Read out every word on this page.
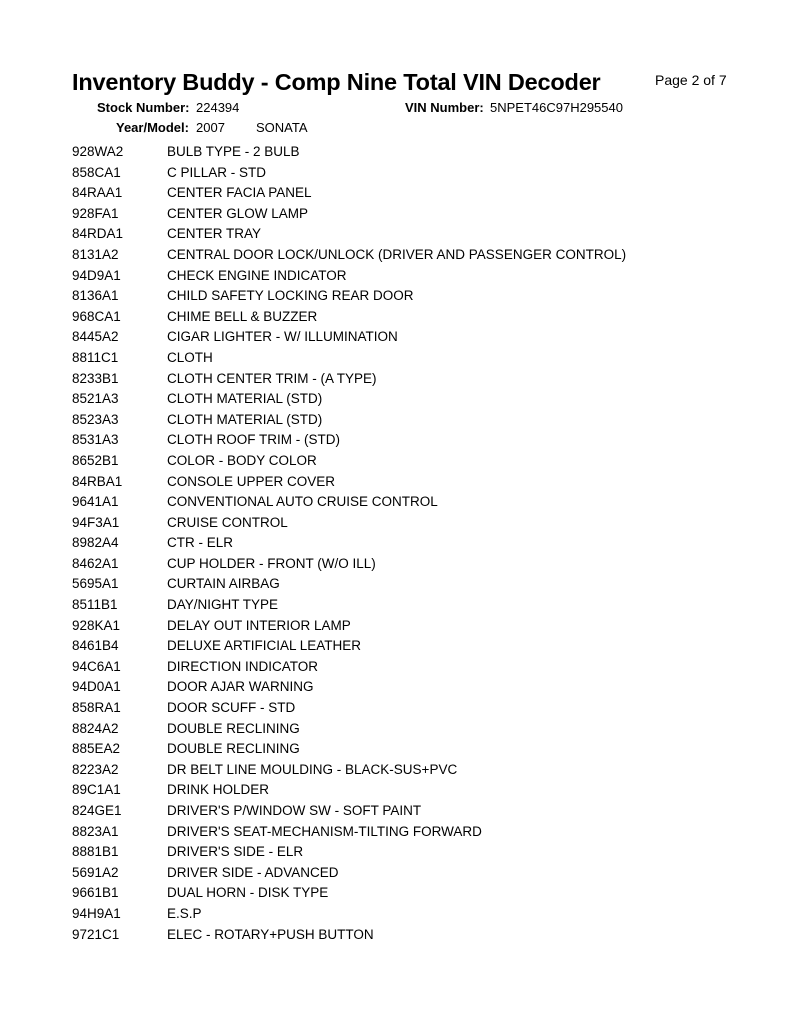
Inventory Buddy - Comp Nine Total VIN Decoder	Page 2 of 7
Stock Number: 224394	VIN Number: 5NPET46C97H295540
Year/Model: 2007 SONATA
928WA2	BULB TYPE - 2 BULB
858CA1	C PILLAR - STD
84RAA1	CENTER FACIA PANEL
928FA1	CENTER GLOW LAMP
84RDA1	CENTER TRAY
8131A2	CENTRAL DOOR LOCK/UNLOCK (DRIVER AND PASSENGER CONTROL)
94D9A1	CHECK ENGINE INDICATOR
8136A1	CHILD SAFETY LOCKING REAR DOOR
968CA1	CHIME BELL & BUZZER
8445A2	CIGAR LIGHTER - W/ ILLUMINATION
8811C1	CLOTH
8233B1	CLOTH CENTER TRIM - (A TYPE)
8521A3	CLOTH MATERIAL (STD)
8523A3	CLOTH MATERIAL (STD)
8531A3	CLOTH ROOF TRIM - (STD)
8652B1	COLOR - BODY COLOR
84RBA1	CONSOLE UPPER COVER
9641A1	CONVENTIONAL AUTO CRUISE CONTROL
94F3A1	CRUISE CONTROL
8982A4	CTR - ELR
8462A1	CUP HOLDER - FRONT (W/O ILL)
5695A1	CURTAIN AIRBAG
8511B1	DAY/NIGHT TYPE
928KA1	DELAY OUT INTERIOR LAMP
8461B4	DELUXE ARTIFICIAL LEATHER
94C6A1	DIRECTION INDICATOR
94D0A1	DOOR AJAR WARNING
858RA1	DOOR SCUFF - STD
8824A2	DOUBLE RECLINING
885EA2	DOUBLE RECLINING
8223A2	DR BELT LINE MOULDING - BLACK-SUS+PVC
89C1A1	DRINK HOLDER
824GE1	DRIVER'S P/WINDOW SW - SOFT PAINT
8823A1	DRIVER'S SEAT-MECHANISM-TILTING FORWARD
8881B1	DRIVER'S SIDE - ELR
5691A2	DRIVER SIDE - ADVANCED
9661B1	DUAL HORN - DISK TYPE
94H9A1	E.S.P
9721C1	ELEC - ROTARY+PUSH BUTTON
